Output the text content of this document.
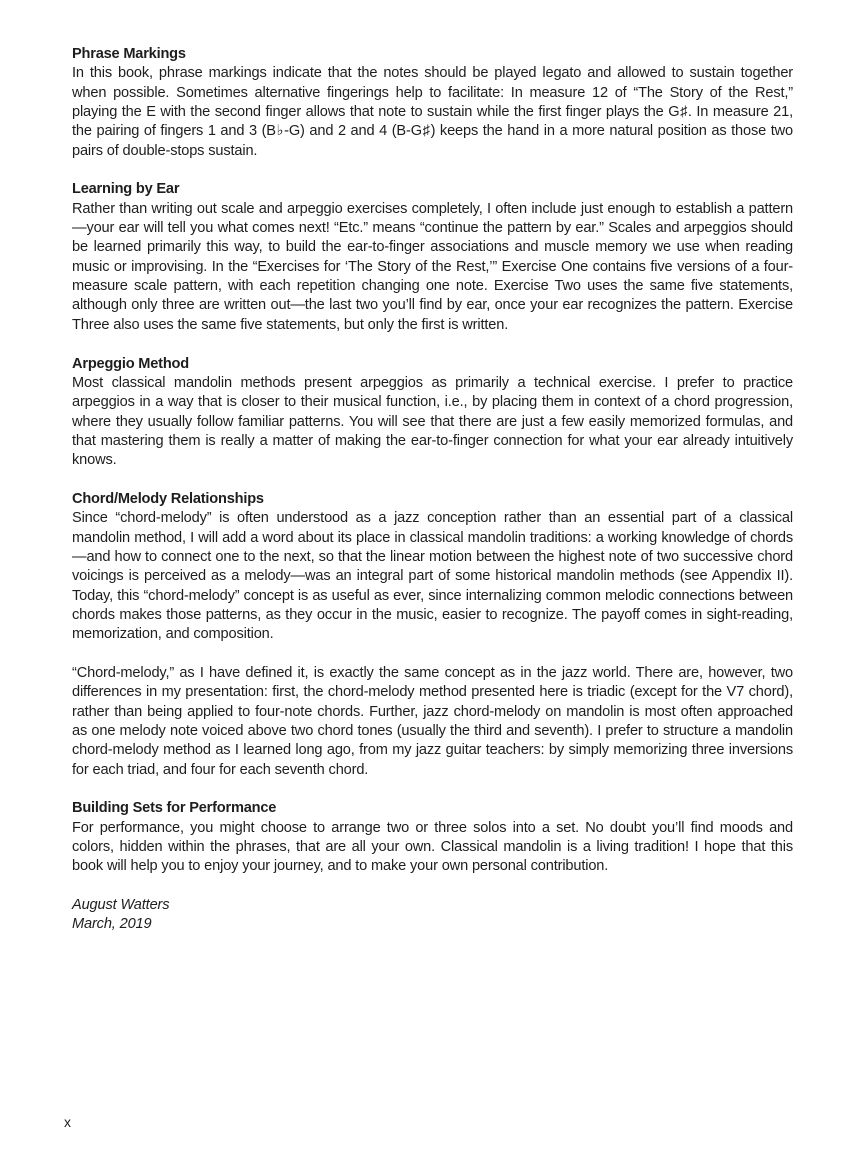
Phrase Markings
In this book, phrase markings indicate that the notes should be played legato and allowed to sustain together when possible. Sometimes alternative fingerings help to facilitate: In measure 12 of “The Story of the Rest,” playing the E with the second finger allows that note to sustain while the first finger plays the G♯. In measure 21, the pairing of fingers 1 and 3 (B♭-G) and 2 and 4 (B-G♯) keeps the hand in a more natural position as those two pairs of double-stops sustain.
Learning by Ear
Rather than writing out scale and arpeggio exercises completely, I often include just enough to establish a pattern—your ear will tell you what comes next! “Etc.” means “continue the pattern by ear.” Scales and arpeggios should be learned primarily this way, to build the ear-to-finger associations and muscle memory we use when reading music or improvising. In the “Exercises for ‘The Story of the Rest,’” Exercise One contains five versions of a four-measure scale pattern, with each repetition changing one note. Exercise Two uses the same five statements, although only three are written out—the last two you’ll find by ear, once your ear recognizes the pattern. Exercise Three also uses the same five statements, but only the first is written.
Arpeggio Method
Most classical mandolin methods present arpeggios as primarily a technical exercise. I prefer to practice arpeggios in a way that is closer to their musical function, i.e., by placing them in context of a chord progression, where they usually follow familiar patterns. You will see that there are just a few easily memorized formulas, and that mastering them is really a matter of making the ear-to-finger connection for what your ear already intuitively knows.
Chord/Melody Relationships
Since “chord-melody” is often understood as a jazz conception rather than an essential part of a classical mandolin method, I will add a word about its place in classical mandolin traditions: a working knowledge of chords—and how to connect one to the next, so that the linear motion between the highest note of two successive chord voicings is perceived as a melody—was an integral part of some historical mandolin methods (see Appendix II). Today, this “chord-melody” concept is as useful as ever, since internalizing common melodic connections between chords makes those patterns, as they occur in the music, easier to recognize. The payoff comes in sight-reading, memorization, and composition.
“Chord-melody,” as I have defined it, is exactly the same concept as in the jazz world. There are, however, two differences in my presentation: first, the chord-melody method presented here is triadic (except for the V7 chord), rather than being applied to four-note chords. Further, jazz chord-melody on mandolin is most often approached as one melody note voiced above two chord tones (usually the third and seventh). I prefer to structure a mandolin chord-melody method as I learned long ago, from my jazz guitar teachers: by simply memorizing three inversions for each triad, and four for each seventh chord.
Building Sets for Performance
For performance, you might choose to arrange two or three solos into a set. No doubt you’ll find moods and colors, hidden within the phrases, that are all your own. Classical mandolin is a living tradition! I hope that this book will help you to enjoy your journey, and to make your own personal contribution.
August Watters
March, 2019
x
